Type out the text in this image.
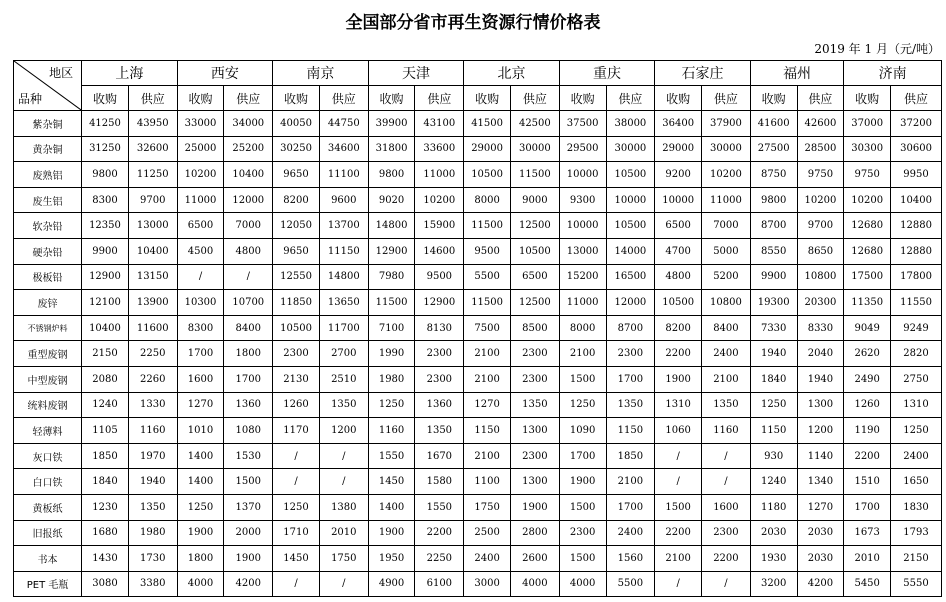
全国部分省市再生资源行情价格表
2019 年 1 月（元/吨）
地区
品种	上海		西安		南京		天津		北京		重庆		石家庄		福州		济南	
	收购	供应	收购	供应	收购	供应	收购	供应	收购	供应	收购	供应	收购	供应	收购	供应	收购	供应
紫杂铜	41250	43950	33000	34000	40050	44750	39900	43100	41500	42500	37500	38000	36400	37900	41600	42600	37000	37200
黄杂铜	31250	32600	25000	25200	30250	34600	31800	33600	29000	30000	29500	30000	29000	30000	27500	28500	30300	30600
废熟铝	9800	11250	10200	10400	9650	11100	9800	11000	10500	11500	10000	10500	9200	10200	8750	9750	9750	9950
废生铝	8300	9700	11000	12000	8200	9600	9020	10200	8000	9000	9300	10000	10000	11000	9800	10200	10200	10400
软杂铅	12350	13000	6500	7000	12050	13700	14800	15900	11500	12500	10000	10500	6500	7000	8700	9700	12680	12880
硬杂铅	9900	10400	4500	4800	9650	11150	12900	14600	9500	10500	13000	14000	4700	5000	8550	8650	12680	12880
极板铅	12900	13150	/	/	12550	14800	7980	9500	5500	6500	15200	16500	4800	5200	9900	10800	17500	17800
废锌	12100	13900	10300	10700	11850	13650	11500	12900	11500	12500	11000	12000	10500	10800	19300	20300	11350	11550
不锈钢炉料	10400	11600	8300	8400	10500	11700	7100	8130	7500	8500	8000	8700	8200	8400	7330	8330	9049	9249
重型废钢	2150	2250	1700	1800	2300	2700	1990	2300	2100	2300	2100	2300	2200	2400	1940	2040	2620	2820
中型废钢	2080	2260	1600	1700	2130	2510	1980	2300	2100	2300	1500	1700	1900	2100	1840	1940	2490	2750
统料废钢	1240	1330	1270	1360	1260	1350	1250	1360	1270	1350	1250	1350	1310	1350	1250	1300	1260	1310
轻薄料	1105	1160	1010	1080	1170	1200	1160	1350	1150	1300	1090	1150	1060	1160	1150	1200	1190	1250
灰口铁	1850	1970	1400	1530	/	/	1550	1670	2100	2300	1700	1850	/	/	930	1140	2200	2400
白口铁	1840	1940	1400	1500	/	/	1450	1580	1100	1300	1900	2100	/	/	1240	1340	1510	1650
黄板纸	1230	1350	1250	1370	1250	1380	1400	1550	1750	1900	1500	1700	1500	1600	1180	1270	1700	1830
旧报纸	1680	1980	1900	2000	1710	2010	1900	2200	2500	2800	2300	2400	2200	2300	2030	2030	1673	1793
书本	1430	1730	1800	1900	1450	1750	1950	2250	2400	2600	1500	1560	2100	2200	1930	2030	2010	2150
PET 毛瓶	3080	3380	4000	4200	/	/	4900	6100	3000	4000	4000	5500	/	/	3200	4200	5450	5550
